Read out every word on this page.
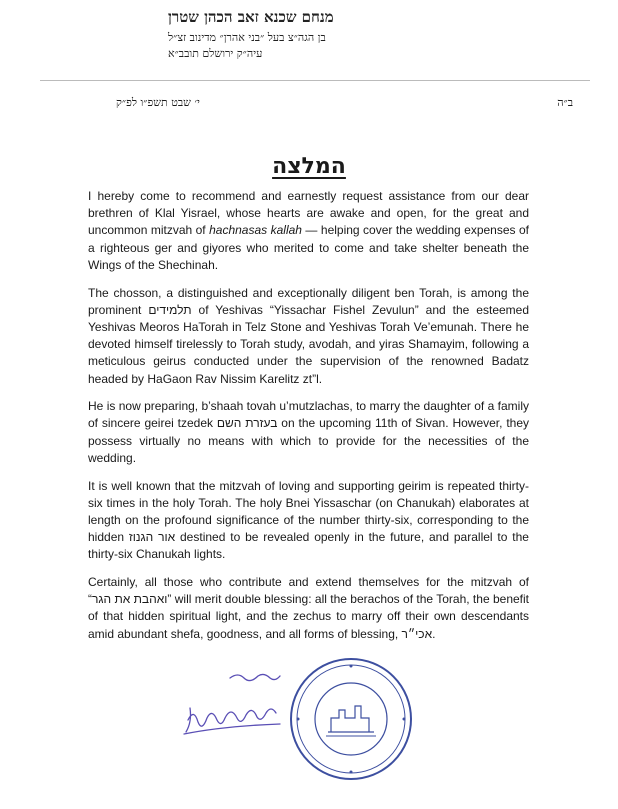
מנחם שכנא זאב הכהן שטרן

בן הגה״צ בעל ״בני אהרן״ מדינוב זצ״ל

עיה״ק ירושלם תובב״א

ב״ה
י׳ שבט תשפ״ו לפ״ק
המלצה

I hereby come to recommend and earnestly request assistance from our dear brethren of Klal Yisrael, whose hearts are awake and open, for the great and uncommon mitzvah of hachnasas kallah — helping cover the wedding expenses of a righteous ger and giyores who merited to come and take shelter beneath the Wings of the Shechinah.

The chosson, a distinguished and exceptionally diligent ben Torah, is among the prominent תלמידים of Yeshivas “Yissachar Fishel Zevulun” and the esteemed Yeshivas Meoros HaTorah in Telz Stone and Yeshivas Torah Ve’emunah. There he devoted himself tirelessly to Torah study, avodah, and yiras Shamayim, following a meticulous geirus conducted under the supervision of the renowned Badatz headed by HaGaon Rav Nissim Karelitz zt”l.

He is now preparing, b’shaah tovah u’mutzlachas, to marry the daughter of a family of sincere geirei tzedek בעזרת השם on the upcoming 11th of Sivan. However, they possess virtually no means with which to provide for the necessities of the wedding.

It is well known that the mitzvah of loving and supporting geirim is repeated thirty-six times in the holy Torah. The holy Bnei Yissaschar (on Chanukah) elaborates at length on the profound significance of the number thirty-six, corresponding to the hidden אור הגנוז destined to be revealed openly in the future, and parallel to the thirty-six Chanukah lights.

Certainly, all those who contribute and extend themselves for the mitzvah of “ואהבת את הגר” will merit double blessing: all the berachos of the Torah, the benefit of that hidden spiritual light, and the zechus to marry off their own descendants amid abundant shefa, goodness, and all forms of blessing, אכי״ר.
